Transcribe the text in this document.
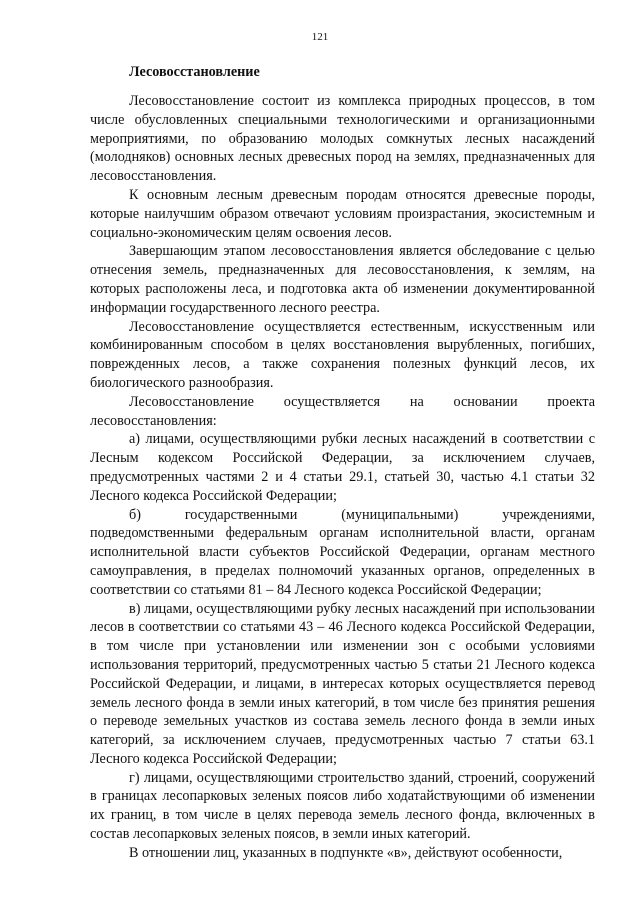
121
Лесовосстановление

Лесовосстановление состоит из комплекса природных процессов, в том числе обусловленных специальными технологическими и организационными мероприятиями, по образованию молодых сомкнутых лесных насаждений (молодняков) основных лесных древесных пород на землях, предназначенных для лесовосстановления.

К основным лесным древесным породам относятся древесные породы, которые наилучшим образом отвечают условиям произрастания, экосистемным и социально-экономическим целям освоения лесов.

Завершающим этапом лесовосстановления является обследование с целью отнесения земель, предназначенных для лесовосстановления, к землям, на которых расположены леса, и подготовка акта об изменении документированной информации государственного лесного реестра.

Лесовосстановление осуществляется естественным, искусственным или комбинированным способом в целях восстановления вырубленных, погибших, поврежденных лесов, а также сохранения полезных функций лесов, их биологического разнообразия.

Лесовосстановление осуществляется на основании проекта лесовосстановления:

а) лицами, осуществляющими рубки лесных насаждений в соответствии с Лесным кодексом Российской Федерации, за исключением случаев, предусмотренных частями 2 и 4 статьи 29.1, статьей 30, частью 4.1 статьи 32 Лесного кодекса Российской Федерации;

б) государственными (муниципальными) учреждениями, подведомственными федеральным органам исполнительной власти, органам исполнительной власти субъектов Российской Федерации, органам местного самоуправления, в пределах полномочий указанных органов, определенных в соответствии со статьями 81 – 84 Лесного кодекса Российской Федерации;

в) лицами, осуществляющими рубку лесных насаждений при использовании лесов в соответствии со статьями 43 – 46 Лесного кодекса Российской Федерации, в том числе при установлении или изменении зон с особыми условиями использования территорий, предусмотренных частью 5 статьи 21 Лесного кодекса Российской Федерации, и лицами, в интересах которых осуществляется перевод земель лесного фонда в земли иных категорий, в том числе без принятия решения о переводе земельных участков из состава земель лесного фонда в земли иных категорий, за исключением случаев, предусмотренных частью 7 статьи 63.1 Лесного кодекса Российской Федерации;

г) лицами, осуществляющими строительство зданий, строений, сооружений в границах лесопарковых зеленых поясов либо ходатайствующими об изменении их границ, в том числе в целях перевода земель лесного фонда, включенных в состав лесопарковых зеленых поясов, в земли иных категорий.

В отношении лиц, указанных в подпункте «в», действуют особенности,
